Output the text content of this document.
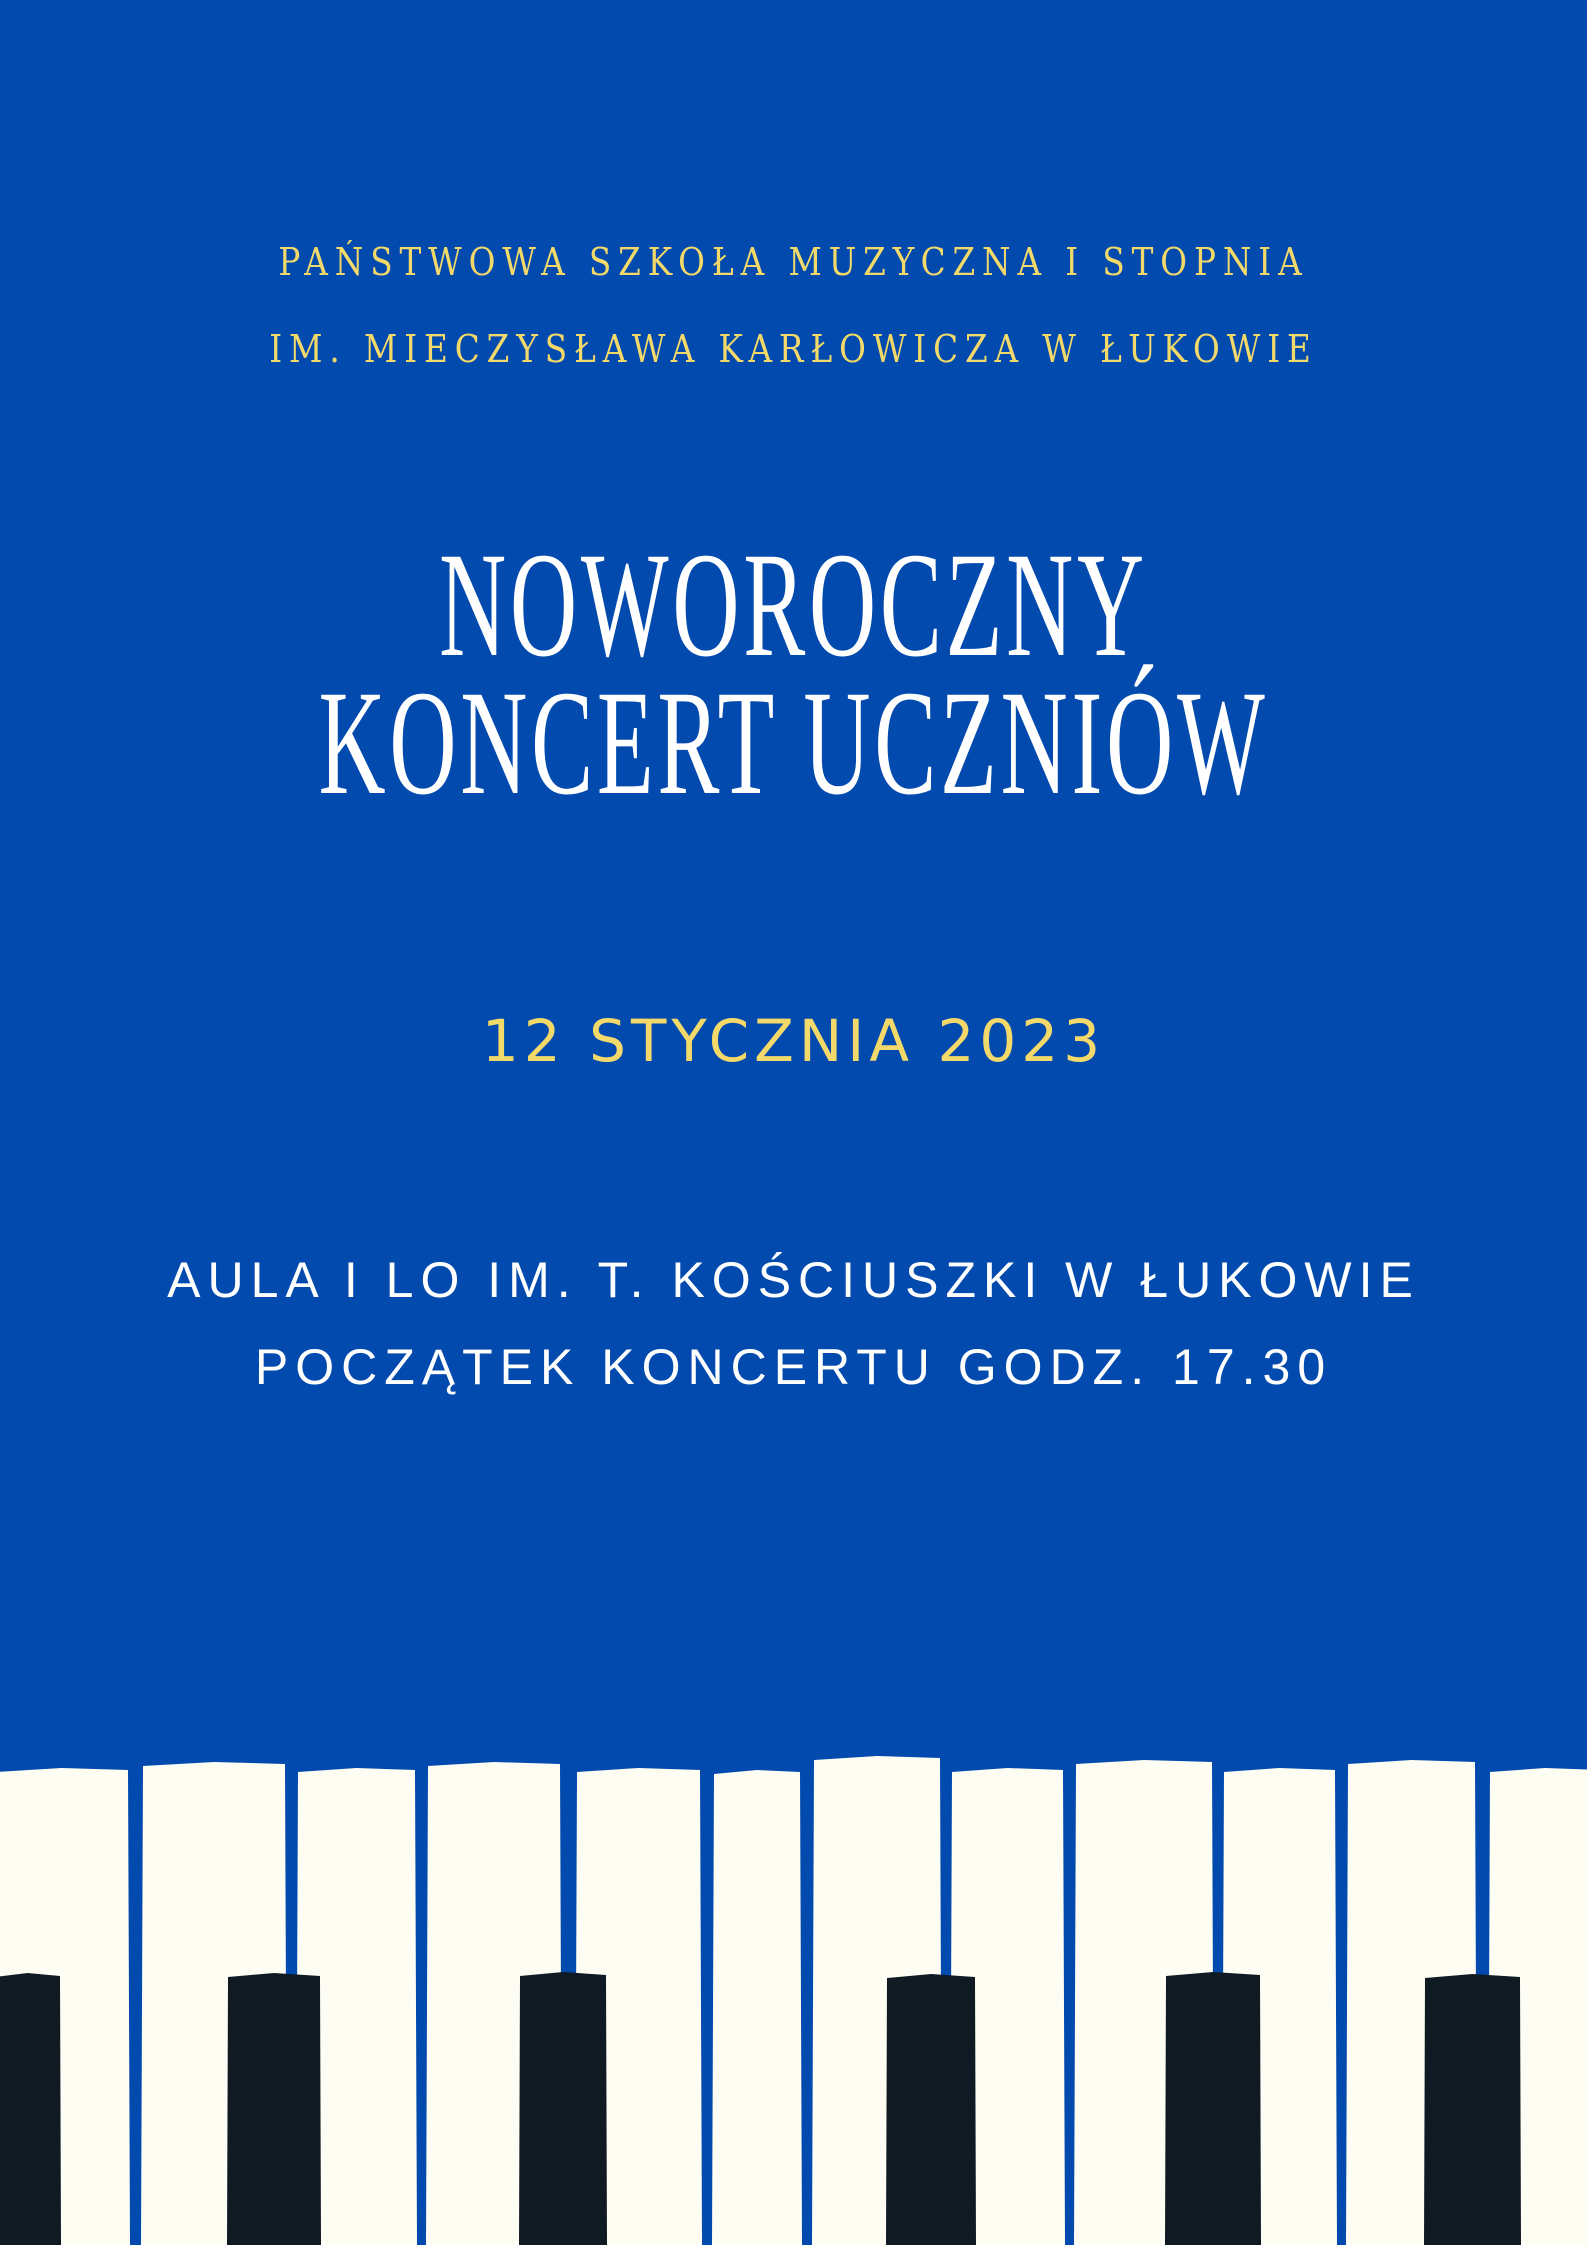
PAŃSTWOWA SZKOŁA MUZYCZNA I STOPNIA
IM. MIECZYSŁAWA KARŁOWICZA W ŁUKOWIE
NOWOROCZNY
KONCERT UCZNIÓW
12 STYCZNIA 2023
AULA I LO IM. T. KOŚCIUSZKI W ŁUKOWIE
POCZĄTEK KONCERTU GODZ. 17.30
